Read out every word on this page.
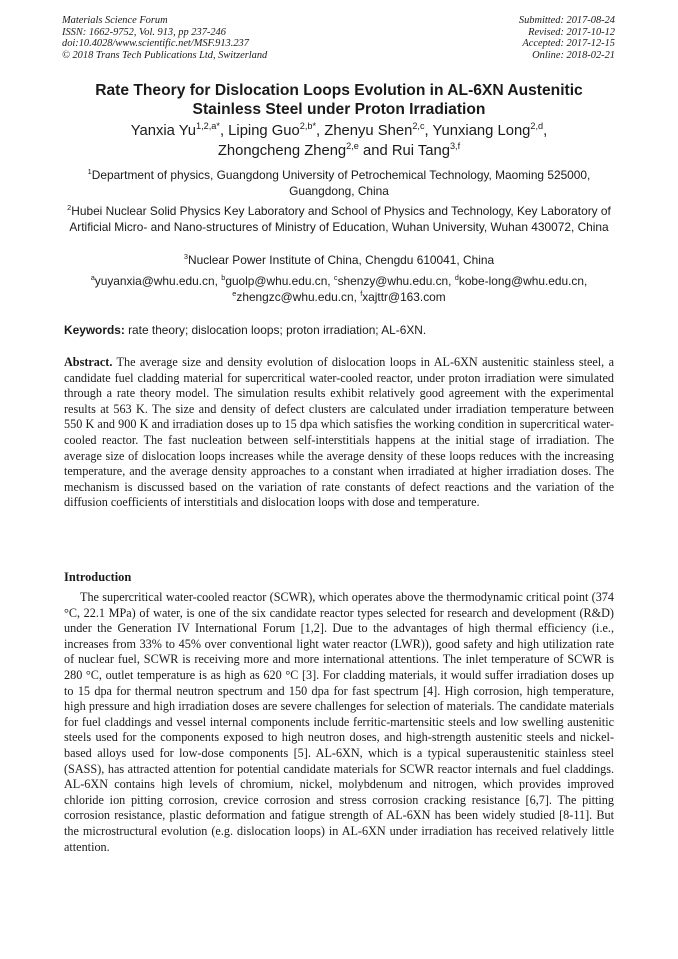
Materials Science Forum
ISSN: 1662-9752, Vol. 913, pp 237-246
doi:10.4028/www.scientific.net/MSF.913.237
© 2018 Trans Tech Publications Ltd, Switzerland
Submitted: 2017-08-24
Revised: 2017-10-12
Accepted: 2017-12-15
Online: 2018-02-21
Rate Theory for Dislocation Loops Evolution in AL-6XN Austenitic
Stainless Steel under Proton Irradiation
Yanxia $Yu^{1,2,a*}$, Liping Guo$^{2,b*}$, Zhenyu Shen$^{2,c}$, Yunxiang Long$^{2,d}$,
Zhongcheng Zheng$^{2,e}$ and Rui Tang$^{3,f}$
$^1$Department of physics, Guangdong University of Petrochemical Technology, Maoming 525000, Guangdong, China
$^2$Hubei Nuclear Solid Physics Key Laboratory and School of Physics and Technology, Key Laboratory of Artificial Micro- and Nano-structures of Ministry of Education, Wuhan University, Wuhan 430072, China
$^3$Nuclear Power Institute of China, Chengdu 610041, China
$^a$yuyanxia@whu.edu.cn, $^b$guolp@whu.edu.cn, $^c$shenzy@whu.edu.cn, $^d$kobe-long@whu.edu.cn,
$^e$zhengzc@whu.edu.cn, $^f$xajttr@163.com
Keywords: rate theory; dislocation loops; proton irradiation; AL-6XN.
Abstract. The average size and density evolution of dislocation loops in AL-6XN austenitic stainless steel, a candidate fuel cladding material for supercritical water-cooled reactor, under proton irradiation were simulated through a rate theory model. The simulation results exhibit relatively good agreement with the experimental results at 563 K. The size and density of defect clusters are calculated under irradiation temperature between 550 K and 900 K and irradiation doses up to 15 dpa which satisfies the working condition in supercritical water-cooled reactor. The fast nucleation between self-interstitials happens at the initial stage of irradiation. The average size of dislocation loops increases while the average density of these loops reduces with the increasing temperature, and the average density approaches to a constant when irradiated at higher irradiation doses. The mechanism is discussed based on the variation of rate constants of defect reactions and the variation of the diffusion coefficients of interstitials and dislocation loops with dose and temperature.
Introduction
The supercritical water-cooled reactor (SCWR), which operates above the thermodynamic critical point (374 °C, 22.1 MPa) of water, is one of the six candidate reactor types selected for research and development (R&D) under the Generation IV International Forum [1,2]. Due to the advantages of high thermal efficiency (i.e., increases from 33% to 45% over conventional light water reactor (LWR)), good safety and high utilization rate of nuclear fuel, SCWR is receiving more and more international attentions. The inlet temperature of SCWR is 280 °C, outlet temperature is as high as 620 °C [3]. For cladding materials, it would suffer irradiation doses up to 15 dpa for thermal neutron spectrum and 150 dpa for fast spectrum [4]. High corrosion, high temperature, high pressure and high irradiation doses are severe challenges for selection of materials. The candidate materials for fuel claddings and vessel internal components include ferritic-martensitic steels and low swelling austenitic steels used for the components exposed to high neutron doses, and high-strength austenitic steels and nickel-based alloys used for low-dose components [5]. AL-6XN, which is a typical superaustenitic stainless steel (SASS), has attracted attention for potential candidate materials for SCWR reactor internals and fuel claddings. AL-6XN contains high levels of chromium, nickel, molybdenum and nitrogen, which provides improved chloride ion pitting corrosion, crevice corrosion and stress corrosion cracking resistance [6,7]. The pitting corrosion resistance, plastic deformation and fatigue strength of AL-6XN has been widely studied [8-11]. But the microstructural evolution (e.g. dislocation loops) in AL-6XN under irradiation has received relatively little attention.
